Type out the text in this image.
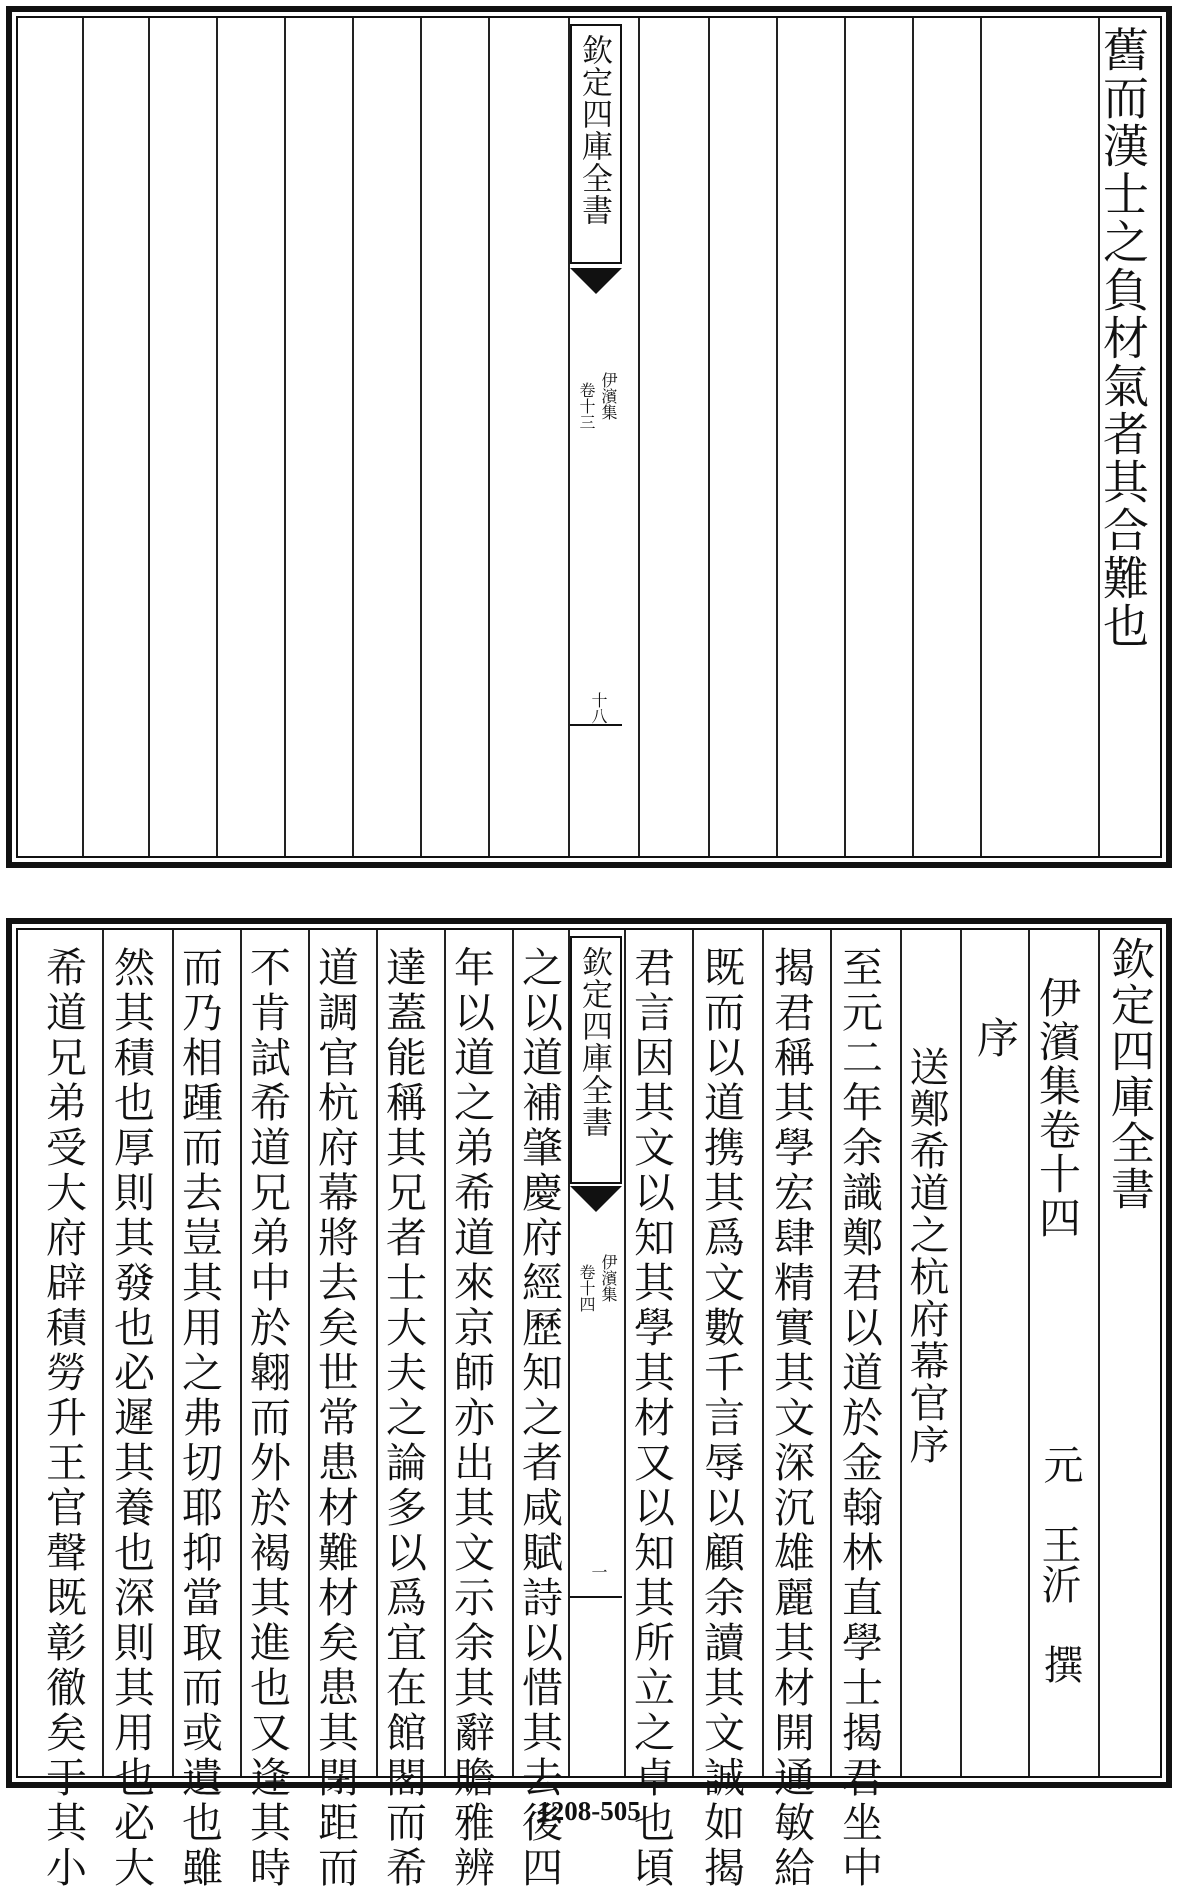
欽定四庫全書
伊濱集
卷十三
十八
舊而漢士之負材氣者其合難也
欽定四庫全書
伊濱集卷十四
元
王沂
撰
序
送鄭希道之杭府幕官序
至元二年余識鄭君以道於金翰林直學士揭君坐中
揭君稱其學宏肆精實其文深沉雄麗其材開通敏給
既而以道携其爲文數千言辱以顧余讀其文誠如揭
君言因其文以知其學其材又以知其所立之卓也頃
欽定四庫全書
伊濱集
卷十四
一
之以道補肇慶府經歷知之者咸賦詩以惜其去後四
年以道之弟希道來京師亦出其文示余其辭贍雅辨
達蓋能稱其兄者士大夫之論多以爲宜在館閣而希
道調官杭府幕將去矣世常患材難材矣患其閉距而
不肯試希道兄弟中於翺而外於褐其進也又逢其時
而乃相踵而去豈其用之弗切耶抑當取而或遺也雖
然其積也厚則其發也必遲其養也深則其用也必大
希道兄弟受大府辟積勞升王官聲既彰徹矣于其小	1208-505
